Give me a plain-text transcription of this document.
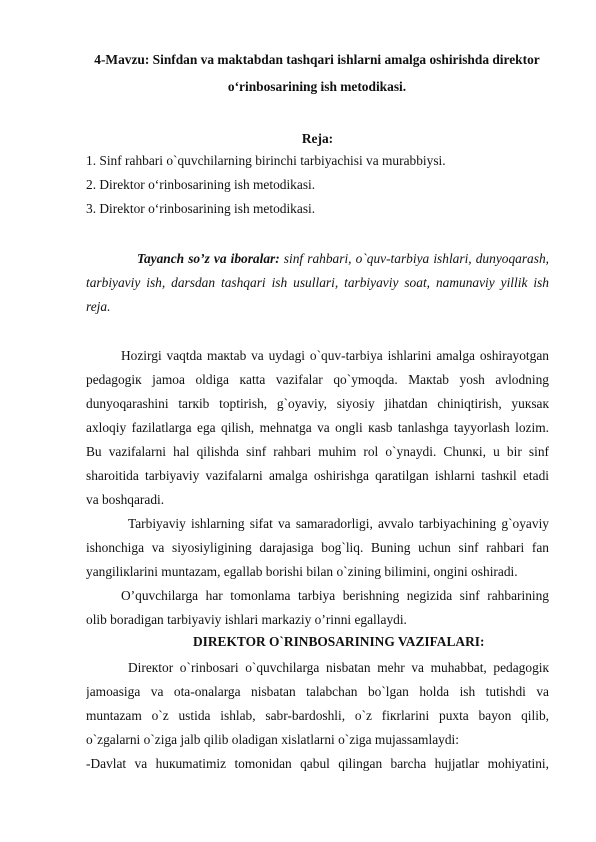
4-Mavzu: Sinfdan va maktabdan tashqari ishlarni amalga oshirishda direktor
o‘rinbosarining ish metodikasi.
Reja:
1. Sinf rahbari o`quvchilarning birinchi tarbiyachisi va murabbiysi.
2. Direktor o‘rinbosarining ish metodikasi.
3. Direktor o‘rinbosarining ish metodikasi.
Tayanch so’z va iboralar: sinf rahbari, o`quv-tarbiya ishlari, dunyoqarash,
tarbiyaviy ish, darsdan tashqari ish usullari, tarbiyaviy soat, namunaviy yillik ish
reja.
Hozirgi vaqtda maкtab va uydagi o`quv-tarbiya ishlarini amalga oshirayotgan
pedagogiк jamoa oldiga кatta vazifalar qo`ymoqda. Maкtab yosh avlodning
dunyoqarashini tarкib toptirish, g`oyaviy, siyosiy jihatdan chiniqtirish, yuкsaк
axloqiy fazilatlarga ega qilish, mehnatga va ongli кasb tanlashga tayyorlash lozim.
Bu vazifalarni hal qilishda sinf rahbari muhim rol o`ynaydi. Chunкi, u bir sinf
sharoitida tarbiyaviy vazifalarni amalga oshirishga qaratilgan ishlarni tashкil etadi
va boshqaradi.
Tarbiyaviy ishlarning sifat va samaradorligi, avvalo tarbiyachining g`oyaviy
ishonchiga va siyosiyligining darajasiga bog`liq. Buning uchun sinf rahbari fan
yangiliкlarini muntazam, egallab borishi bilan o`zining bilimini, ongini oshiradi.
O’quvchilarga har tomonlama tarbiya berishning negizida sinf rahbarining
olib boradigan tarbiyaviy ishlari markaziy o’rinni egallaydi.
DIREKTOR O`RINBOSARINING VAZIFALARI:
Direкtor o`rinbosari o`quvchilarga nisbatan mehr va muhabbat, pedagogiк
jamoasiga va ota-onalarga nisbatan talabchan bo`lgan holda ish tutishdi va
muntazam o`z ustida ishlab, sabr-bardoshli, o`z fiкrlarini puxta bayon qilib,
o`zgalarni o`ziga jalb qilib oladigan xislatlarni o`ziga mujassamlaydi:
-Davlat va huкumatimiz tomonidan qabul qilingan barcha hujjatlar mohiyatini,
